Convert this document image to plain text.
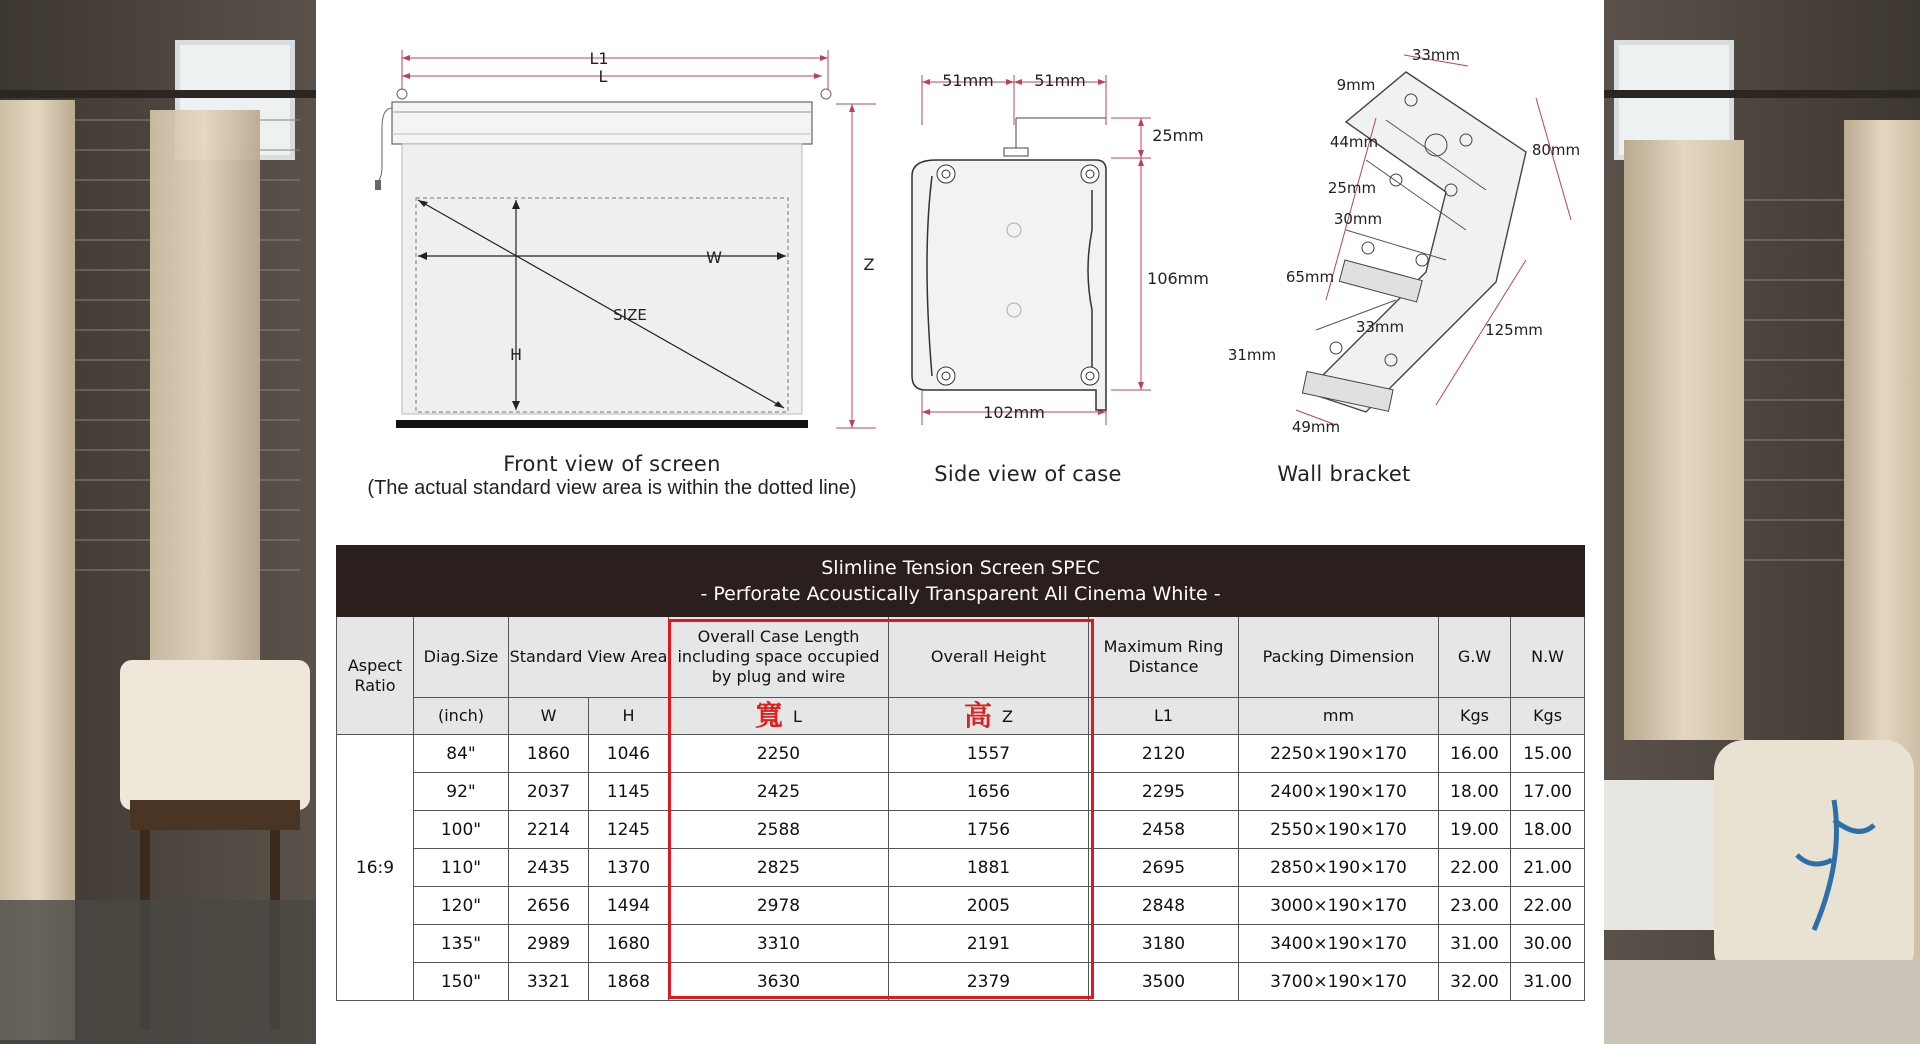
L1
L
W
H
SIZE
Z
Front view of screen
(The actual standard view area is within the dotted line)
51mm	51mm
25mm
106mm
102mm
Side view of case
33mm
9mm
44mm	80mm
25mm
30mm
65mm
33mm	125mm
31mm
49mm
Wall bracket
Slimline Tension Screen SPEC
- Perforate Acoustically Transparent All Cinema White -									

Aspect Ratio	Diag.Size	Standard View Area		Overall Case Length including space occupied by plug and wire	Overall Height	Maximum Ring Distance	Packing Dimension	G.W	N.W
	(inch)	W	H	寬 L	高 Z	L1	mm	Kgs	Kgs
16:9	84"	1860	1046	2250	1557	2120	2250×190×170	16.00	15.00
	92"	2037	1145	2425	1656	2295	2400×190×170	18.00	17.00
	100"	2214	1245	2588	1756	2458	2550×190×170	19.00	18.00
	110"	2435	1370	2825	1881	2695	2850×190×170	22.00	21.00
	120"	2656	1494	2978	2005	2848	3000×190×170	23.00	22.00
	135"	2989	1680	3310	2191	3180	3400×190×170	31.00	30.00
	150"	3321	1868	3630	2379	3500	3700×190×170	32.00	31.00
